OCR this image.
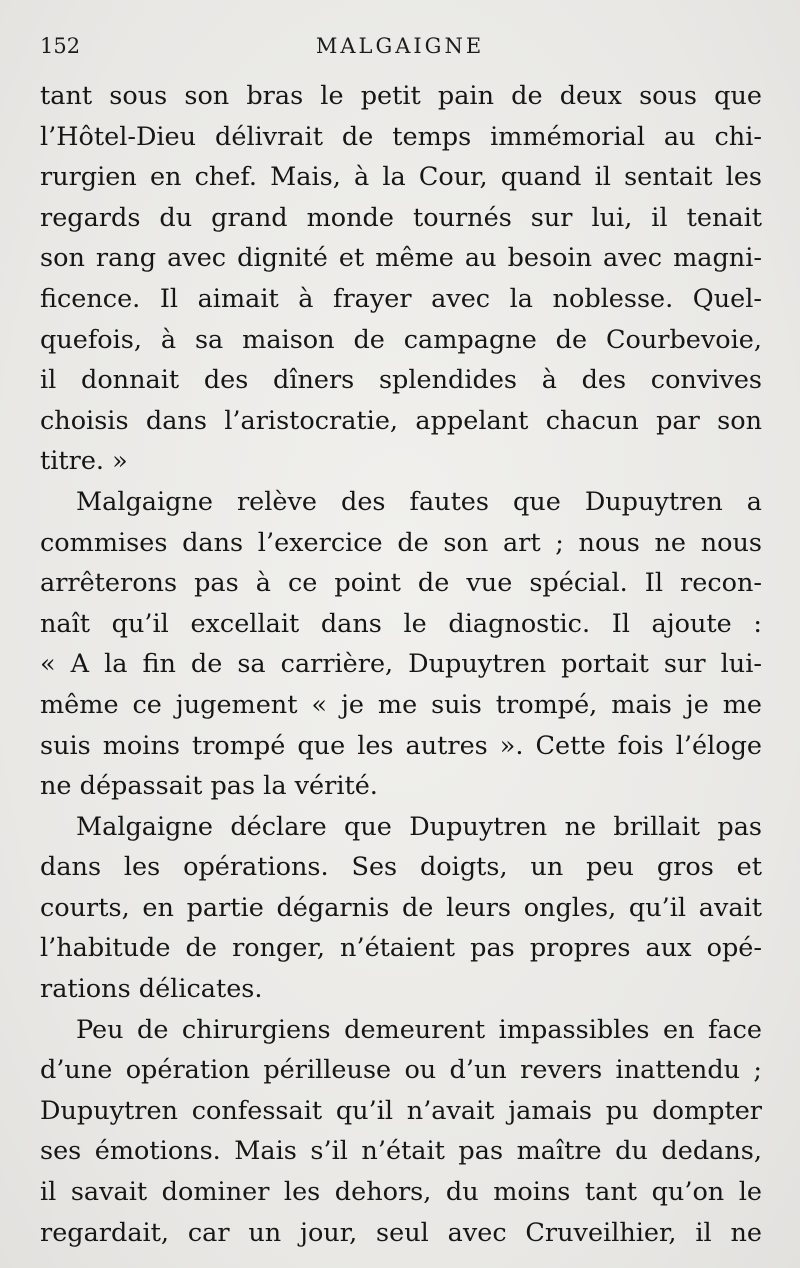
152	MALGAIGNE
tant sous son bras le petit pain de deux sous que
l’Hôtel-Dieu délivrait de temps immémorial au chi-
rurgien en chef. Mais, à la Cour, quand il sentait les
regards du grand monde tournés sur lui, il tenait
son rang avec dignité et même au besoin avec magni-
ficence. Il aimait à frayer avec la noblesse. Quel-
quefois, à sa maison de campagne de Courbevoie,
il donnait des dîners splendides à des convives
choisis dans l’aristocratie, appelant chacun par son
titre. »
Malgaigne relève des fautes que Dupuytren a
commises dans l’exercice de son art ; nous ne nous
arrêterons pas à ce point de vue spécial. Il recon-
naît qu’il excellait dans le diagnostic. Il ajoute :
« A la fin de sa carrière, Dupuytren portait sur lui-
même ce jugement « je me suis trompé, mais je me
suis moins trompé que les autres ». Cette fois l’éloge
ne dépassait pas la vérité.
Malgaigne déclare que Dupuytren ne brillait pas
dans les opérations. Ses doigts, un peu gros et
courts, en partie dégarnis de leurs ongles, qu’il avait
l’habitude de ronger, n’étaient pas propres aux opé-
rations délicates.
Peu de chirurgiens demeurent impassibles en face
d’une opération périlleuse ou d’un revers inattendu ;
Dupuytren confessait qu’il n’avait jamais pu dompter
ses émotions. Mais s’il n’était pas maître du dedans,
il savait dominer les dehors, du moins tant qu’on le
regardait, car un jour, seul avec Cruveilhier, il ne
